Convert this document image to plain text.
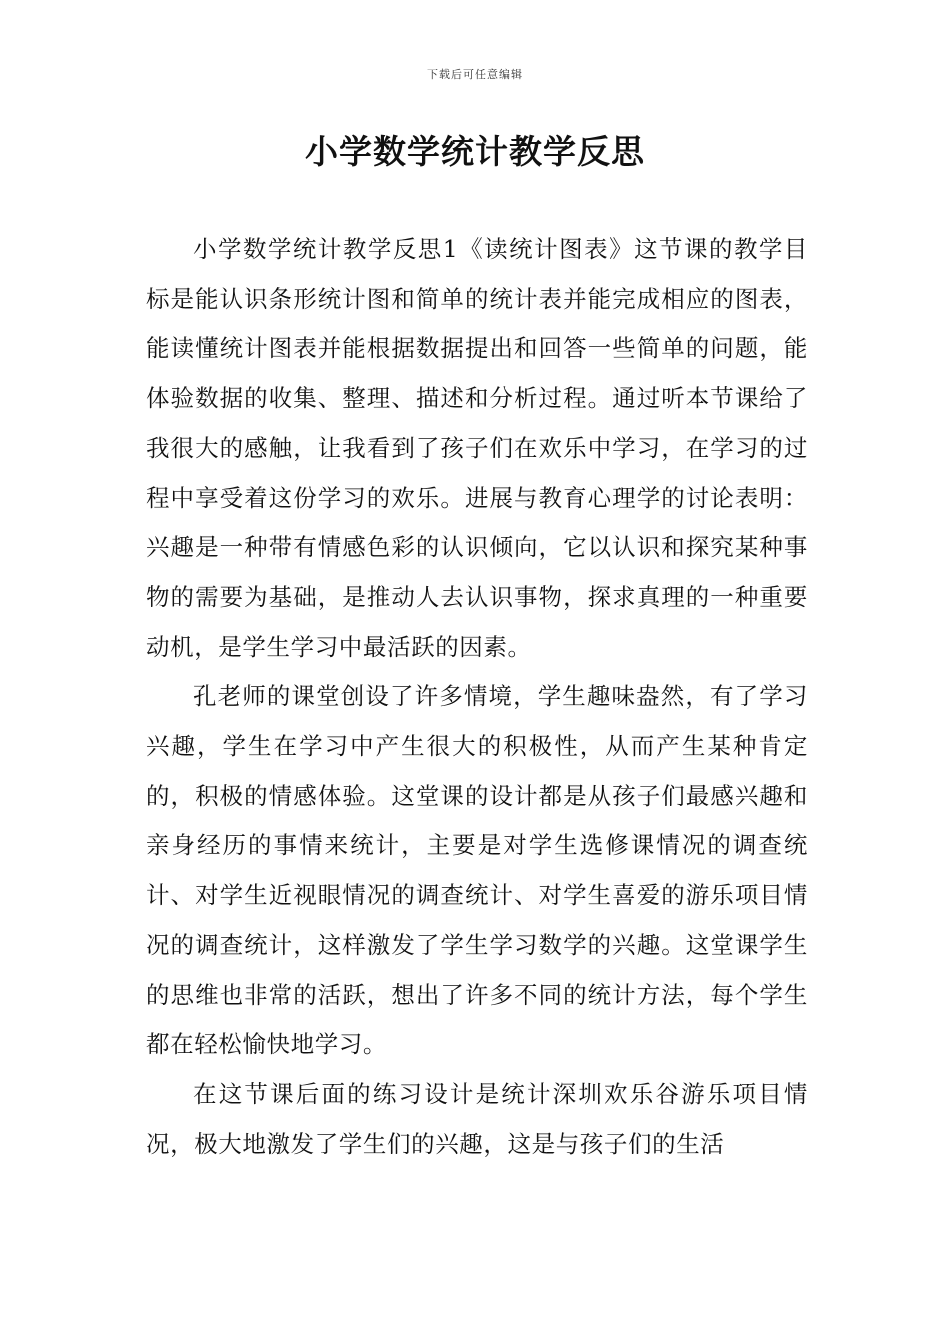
下载后可任意编辑
小学数学统计教学反思

小学数学统计教学反思1《读统计图表》这节课的教学目标是能认识条形统计图和简单的统计表并能完成相应的图表，能读懂统计图表并能根据数据提出和回答一些简单的问题，能体验数据的收集、整理、描述和分析过程。通过听本节课给了我很大的感触，让我看到了孩子们在欢乐中学习，在学习的过程中享受着这份学习的欢乐。进展与教育心理学的讨论表明：兴趣是一种带有情感色彩的认识倾向，它以认识和探究某种事物的需要为基础，是推动人去认识事物，探求真理的一种重要动机，是学生学习中最活跃的因素。

孔老师的课堂创设了许多情境，学生趣味盎然，有了学习兴趣，学生在学习中产生很大的积极性，从而产生某种肯定的，积极的情感体验。这堂课的设计都是从孩子们最感兴趣和亲身经历的事情来统计，主要是对学生选修课情况的调查统计、对学生近视眼情况的调查统计、对学生喜爱的游乐项目情况的调查统计，这样激发了学生学习数学的兴趣。这堂课学生的思维也非常的活跃，想出了许多不同的统计方法，每个学生都在轻松愉快地学习。

在这节课后面的练习设计是统计深圳欢乐谷游乐项目情况，极大地激发了学生们的兴趣，这是与孩子们的生活
